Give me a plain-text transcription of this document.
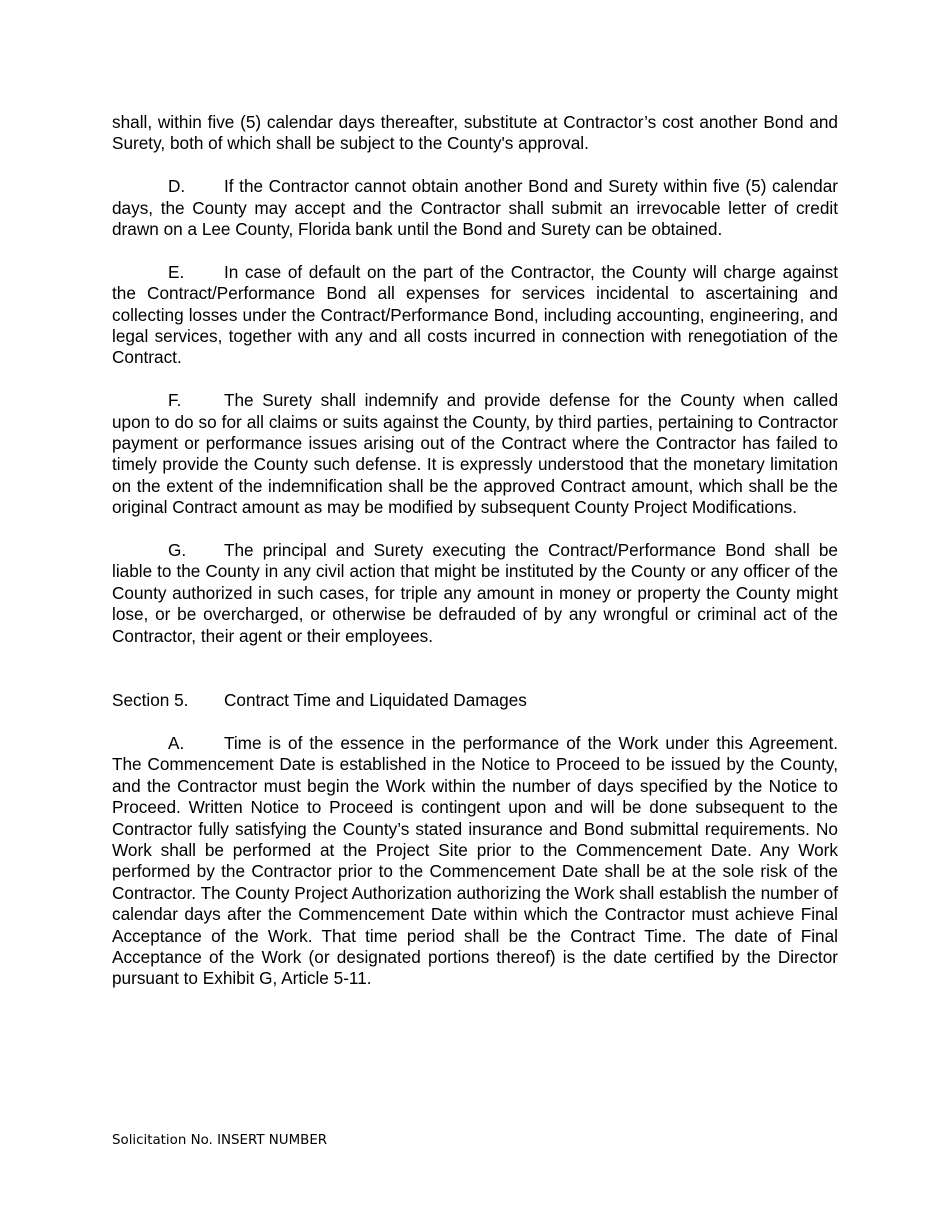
shall, within five (5) calendar days thereafter, substitute at Contractor’s cost another Bond and Surety, both of which shall be subject to the County's approval.

D. If the Contractor cannot obtain another Bond and Surety within five (5) calendar days, the County may accept and the Contractor shall submit an irrevocable letter of credit drawn on a Lee County, Florida bank until the Bond and Surety can be obtained.

E. In case of default on the part of the Contractor, the County will charge against the Contract/Performance Bond all expenses for services incidental to ascertaining and collecting losses under the Contract/Performance Bond, including accounting, engineering, and legal services, together with any and all costs incurred in connection with renegotiation of the Contract.

F. The Surety shall indemnify and provide defense for the County when called upon to do so for all claims or suits against the County, by third parties, pertaining to Contractor payment or performance issues arising out of the Contract where the Contractor has failed to timely provide the County such defense. It is expressly understood that the monetary limitation on the extent of the indemnification shall be the approved Contract amount, which shall be the original Contract amount as may be modified by subsequent County Project Modifications.

G. The principal and Surety executing the Contract/Performance Bond shall be liable to the County in any civil action that might be instituted by the County or any officer of the County authorized in such cases, for triple any amount in money or property the County might lose, or be overcharged, or otherwise be defrauded of by any wrongful or criminal act of the Contractor, their agent or their employees.

Section 5. Contract Time and Liquidated Damages

A. Time is of the essence in the performance of the Work under this Agreement. The Commencement Date is established in the Notice to Proceed to be issued by the County, and the Contractor must begin the Work within the number of days specified by the Notice to Proceed. Written Notice to Proceed is contingent upon and will be done subsequent to the Contractor fully satisfying the County’s stated insurance and Bond submittal requirements. No Work shall be performed at the Project Site prior to the Commencement Date. Any Work performed by the Contractor prior to the Commencement Date shall be at the sole risk of the Contractor. The County Project Authorization authorizing the Work shall establish the number of calendar days after the Commencement Date within which the Contractor must achieve Final Acceptance of the Work. That time period shall be the Contract Time. The date of Final Acceptance of the Work (or designated portions thereof) is the date certified by the Director pursuant to Exhibit G, Article 5-11.

Solicitation No. INSERT NUMBER
